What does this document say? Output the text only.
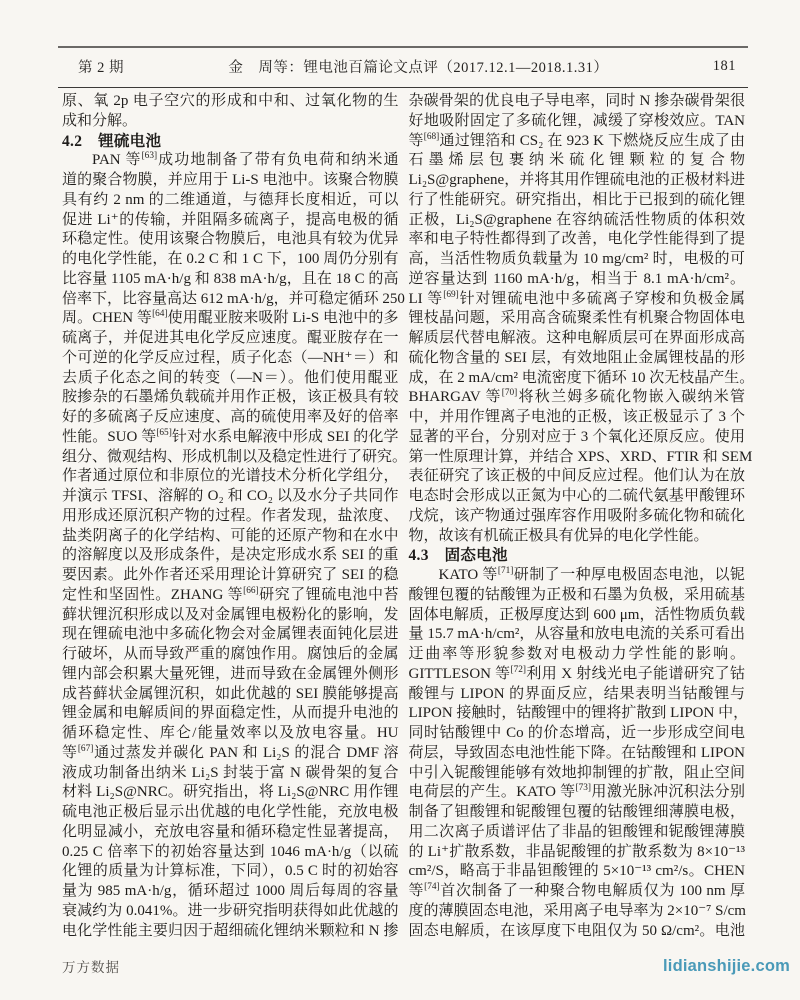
第 2 期	金　周等：锂电池百篇论文点评（2017.12.1—2018.1.31）	181
原、氧 2p 电子空穴的形成和中和、过氧化物的生
成和分解。
4.2　锂硫电池
PAN 等[63]成功地制备了带有负电荷和纳米通
道的聚合物膜，并应用于 Li-S 电池中。该聚合物膜
具有约 2 nm 的二维通道，与德拜长度相近，可以
促进 Li⁺的传输，并阻隔多硫离子，提高电极的循
环稳定性。使用该聚合物膜后，电池具有较为优异
的电化学性能，在 0.2 C 和 1 C 下，100 周仍分别有
比容量 1105 mA·h/g 和 838 mA·h/g，且在 18 C 的高
倍率下，比容量高达 612 mA·h/g，并可稳定循环 250
周。CHEN 等[64]使用醌亚胺来吸附 Li-S 电池中的多
硫离子，并促进其电化学反应速度。醌亚胺存在一
个可逆的化学反应过程，质子化态（—NH⁺＝）和
去质子化态之间的转变（—N＝）。他们使用醌亚
胺掺杂的石墨烯负载硫并用作正极，该正极具有较
好的多硫离子反应速度、高的硫使用率及好的倍率
性能。SUO 等[65]针对水系电解液中形成 SEI 的化学
组分、微观结构、形成机制以及稳定性进行了研究。
作者通过原位和非原位的光谱技术分析化学组分，
并演示 TFSI、溶解的 O₂ 和 CO₂ 以及水分子共同作
用形成还原沉积产物的过程。作者发现，盐浓度、
盐类阴离子的化学结构、可能的还原产物和在水中
的溶解度以及形成条件，是决定形成水系 SEI 的重
要因素。此外作者还采用理论计算研究了 SEI 的稳
定性和坚固性。ZHANG 等[66]研究了锂硫电池中苔
藓状锂沉积形成以及对金属锂电极粉化的影响，发
现在锂硫电池中多硫化物会对金属锂表面钝化层进
行破坏，从而导致严重的腐蚀作用。腐蚀后的金属
锂内部会积累大量死锂，进而导致在金属锂外侧形
成苔藓状金属锂沉积，如此优越的 SEI 膜能够提高
锂金属和电解质间的界面稳定性，从而提升电池的
循环稳定性、库仑/能量效率以及放电容量。HU
等[67]通过蒸发并碳化 PAN 和 Li₂S 的混合 DMF 溶
液成功制备出纳米 Li₂S 封装于富 N 碳骨架的复合
材料 Li₂S@NRC。研究指出，将 Li₂S@NRC 用作锂
硫电池正极后显示出优越的电化学性能，充放电极
化明显减小，充放电容量和循环稳定性显著提高，
0.25 C 倍率下的初始容量达到 1046 mA·h/g（以硫
化锂的质量为计算标准，下同），0.5 C 时的初始容
量为 985 mA·h/g，循环超过 1000 周后每周的容量
衰减约为 0.041%。进一步研究指明获得如此优越的
电化学性能主要归因于超细硫化锂纳米颗粒和 N 掺
杂碳骨架的优良电子导电率，同时 N 掺杂碳骨架很
好地吸附固定了多硫化锂，减缓了穿梭效应。TAN
等[68]通过锂箔和 CS₂ 在 923 K 下燃烧反应生成了由
石墨烯层包裹纳米硫化锂颗粒的复合物
Li₂S@graphene，并将其用作锂硫电池的正极材料进
行了性能研究。研究指出，相比于已报到的硫化锂
正极，Li₂S@graphene 在容纳硫活性物质的体积效
率和电子特性都得到了改善，电化学性能得到了提
高，当活性物质负载量为 10 mg/cm² 时，电极的可
逆容量达到 1160 mA·h/g，相当于 8.1 mA·h/cm²。
LI 等[69]针对锂硫电池中多硫离子穿梭和负极金属
锂枝晶问题，采用高含硫聚柔性有机聚合物固体电
解质层代替电解液。这种电解质层可在界面形成高
硫化物含量的 SEI 层，有效地阻止金属锂枝晶的形
成，在 2 mA/cm² 电流密度下循环 10 次无枝晶产生。
BHARGAV 等[70]将秋兰姆多硫化物嵌入碳纳米管
中，并用作锂离子电池的正极，该正极显示了 3 个
显著的平台，分别对应于 3 个氧化还原反应。使用
第一性原理计算，并结合 XPS、XRD、FTIR 和 SEM
表征研究了该正极的中间反应过程。他们认为在放
电态时会形成以正氮为中心的二硫代氨基甲酸锂环
戊烷，该产物通过强库容作用吸附多硫化物和硫化
物，故该有机硫正极具有优异的电化学性能。
4.3　固态电池
KATO 等[71]研制了一种厚电极固态电池，以铌
酸锂包覆的钴酸锂为正极和石墨为负极，采用硫基
固体电解质，正极厚度达到 600 μm，活性物质负载
量 15.7 mA·h/cm²，从容量和放电电流的关系可看出
迂曲率等形貌参数对电极动力学性能的影响。
GITTLESON 等[72]利用 X 射线光电子能谱研究了钴
酸锂与 LIPON 的界面反应，结果表明当钴酸锂与
LIPON 接触时，钴酸锂中的锂将扩散到 LIPON 中，
同时钴酸锂中 Co 的价态增高，近一步形成空间电
荷层，导致固态电池性能下降。在钴酸锂和 LIPON
中引入铌酸锂能够有效地抑制锂的扩散，阻止空间
电荷层的产生。KATO 等[73]用激光脉冲沉积法分别
制备了钽酸锂和铌酸锂包覆的钴酸锂细薄膜电极，
用二次离子质谱评估了非晶的钽酸锂和铌酸锂薄膜
的 Li⁺扩散系数，非晶铌酸锂的扩散系数为 8×10⁻¹³
cm²/S，略高于非晶钽酸锂的 5×10⁻¹³ cm²/s。CHEN
等[74]首次制备了一种聚合物电解质仅为 100 nm 厚
度的薄膜固态电池，采用离子电导率为 2×10⁻⁷ S/cm
固态电解质，在该厚度下电阻仅为 50 Ω/cm²。电池
万方数据	lidianshijie.com
